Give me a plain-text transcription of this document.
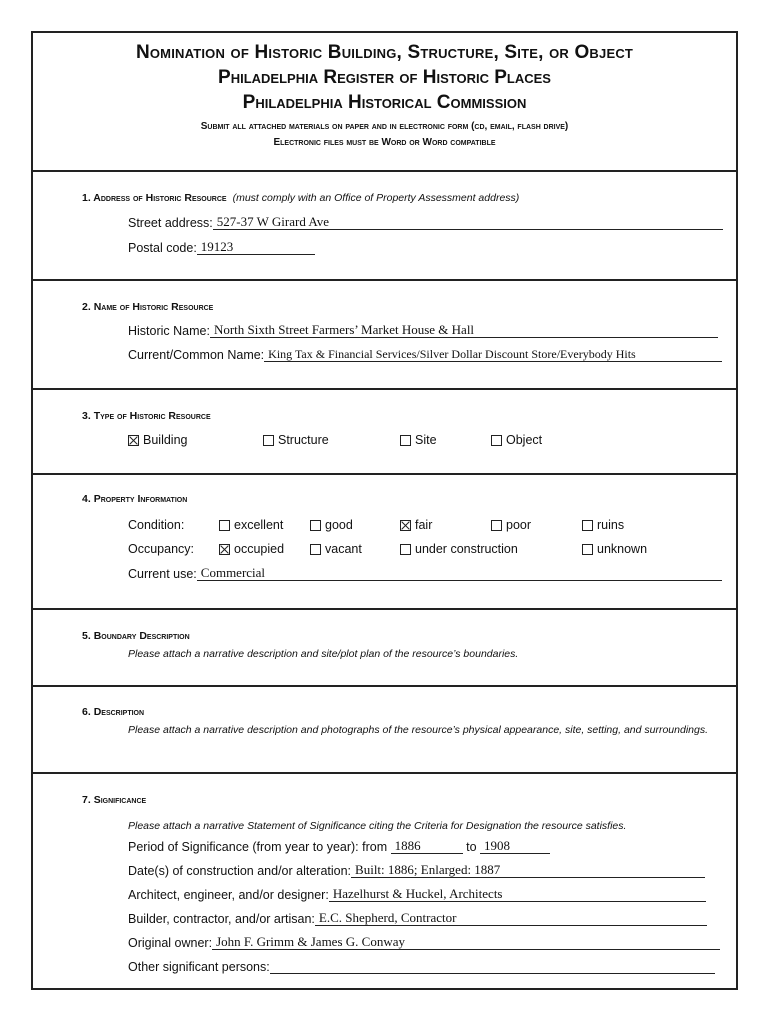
Nomination of Historic Building, Structure, Site, or Object
Philadelphia Register of Historic Places
Philadelphia Historical Commission
Submit all attached materials on paper and in electronic form (cd, email, flash drive)
Electronic files must be Word or Word compatible
1. Address of Historic Resource (must comply with an Office of Property Assessment address)
Street address: 527-37 W Girard Ave
Postal code: 19123
2. Name of Historic Resource
Historic Name: North Sixth Street Farmers’ Market House & Hall
Current/Common Name: King Tax & Financial Services/Silver Dollar Discount Store/Everybody Hits
3. Type of Historic Resource
Building	Structure	Site	Object
4. Property Information
Condition:	excellent	good	fair	poor	ruins
Occupancy:	occupied	vacant	under construction	unknown
Current use: Commercial
5. Boundary Description
Please attach a narrative description and site/plot plan of the resource’s boundaries.
6. Description
Please attach a narrative description and photographs of the resource’s physical appearance, site, setting, and surroundings.
7. Significance
Please attach a narrative Statement of Significance citing the Criteria for Designation the resource satisfies.
Period of Significance (from year to year): from 1886	to 1908
Date(s) of construction and/or alteration: Built: 1886; Enlarged: 1887
Architect, engineer, and/or designer: Hazelhurst & Huckel, Architects
Builder, contractor, and/or artisan: E.C. Shepherd, Contractor
Original owner: John F. Grimm & James G. Conway
Other significant persons:
